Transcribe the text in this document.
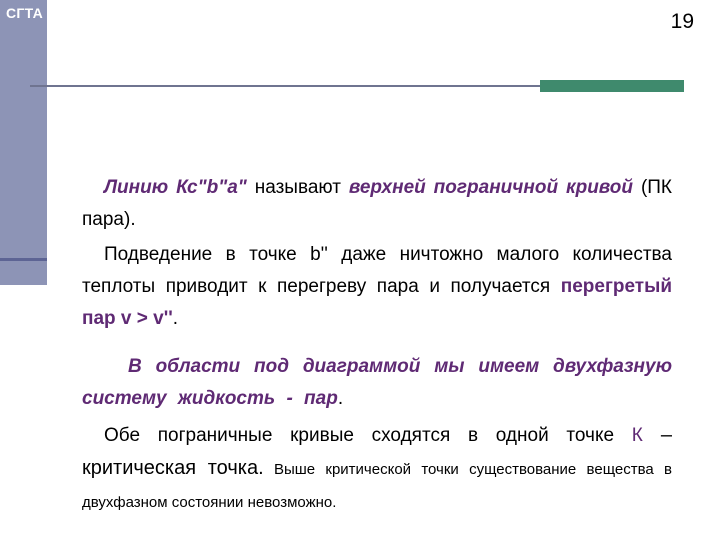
СГТА	19

Линию Кс"b"a" называют верхней пограничной кривой (ПК пара).

Подведение в точке b'' даже ничтожно малого количества теплоты приводит к перегреву пара и получается перегретый пар v > v''.

В области под диаграммой мы имеем двухфазную систему жидкость - пар.

Обе пограничные кривые сходятся в одной точке К – критическая точка. Выше критической точки существование вещества в двухфазном состоянии невозможно.
